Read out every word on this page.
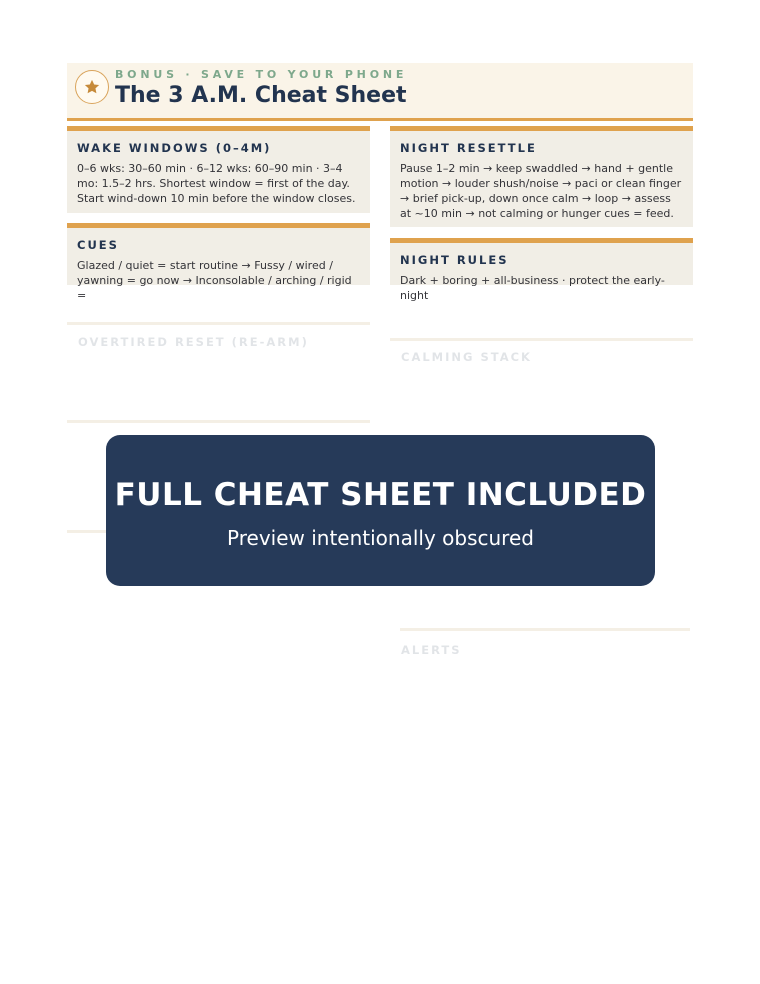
BONUS · SAVE TO YOUR PHONE
The 3 A.M. Cheat Sheet
WAKE WINDOWS (0–4M)

0–6 wks: 30–60 min · 6–12 wks: 60–90 min · 3–4 mo: 1.5–2 hrs. Shortest window = first of the day. Start wind-down 10 min before the window closes.

NIGHT RESETTLE

Pause 1–2 min → keep swaddled → hand + gentle motion → louder shush/noise → paci or clean finger → brief pick-up, down once calm → loop → assess at ~10 min → not calming or hunger cues = feed.

CUES

Glazed / quiet = start routine → Fussy / wired / yawning = go now → Inconsolable / arching / rigid =

NIGHT RULES

Dark + boring + all-business · protect the early-night

OVERTIRED RESET (RE-ARM)
CALMING STACK
ALERTS
FULL CHEAT SHEET INCLUDED
Preview intentionally obscured
